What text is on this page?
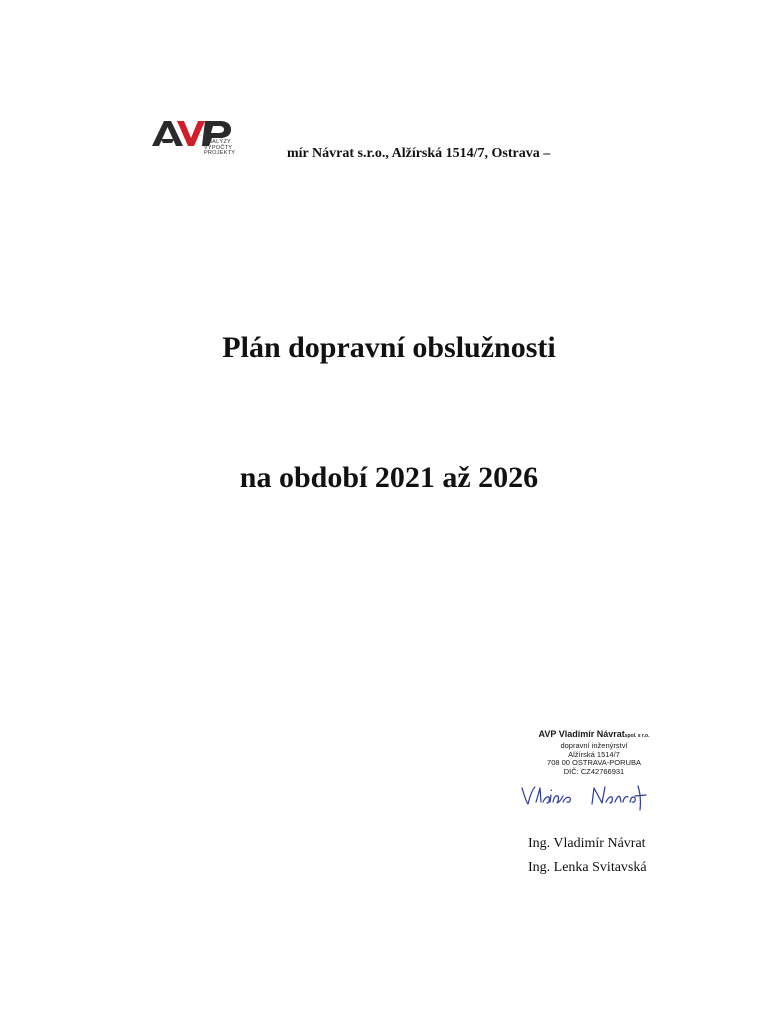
ANALÝZY
VÝPOČTY
PROJEKTY	mír Návrat s.r.o., Alžírská 1514/7, Ostrava –
Plán dopravní obslužnosti
na období 2021 až 2026
AVP Vladimír Návratspol. s r.o.
dopravní inženýrství
Alžírská 1514/7
708 00 OSTRAVA-PORUBA
DIČ: CZ42766931
Ing. Vladimír Návrat
Ing. Lenka Svitavská
